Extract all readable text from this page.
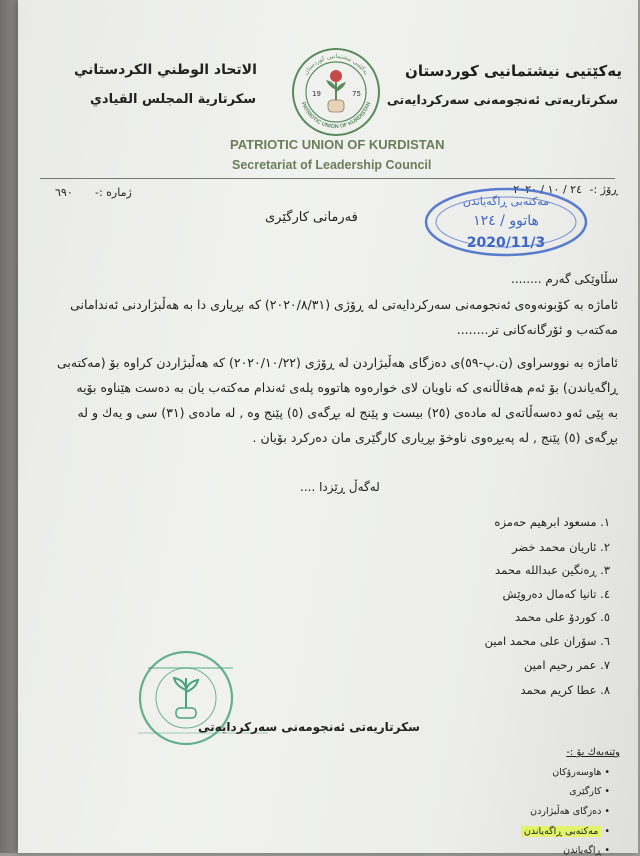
یەکێتیی نیشتمانیی کوردستان
سکرتاریەتی ئەنجومەنی سەرکردایەتی
الاتحاد الوطني الكردستاني
سكرتارية المجلس القيادي
یەکێتیی نیشتمانیی کوردستان
PATRIOTIC UNION OF KURDISTAN
19	75
PATRIOTIC UNION OF KURDISTAN
Secretariat of Leadership Council
ڕۆژ :-
٢٤ / ١٠ / ٢٠٢٠
ژمارە :-
٦٩٠
مەکتەبی ڕاگەیاندن
هاتوو / ١٢٤
2020/11/3
فەرمانی کارگێری
سڵاوێکی گەرم ........
ئاماژە بە کۆبونەوەی ئەنجومەنی سەرکردایەتی لە ڕۆژی (٢٠٢٠/٨/٣١) کە بڕیاری دا بە هەڵبژاردنی ئەندامانی
مەکتەب و ئۆرگانەکانی تر........
ئاماژە بە نووسراوی (ن.پ-٥٩)ی دەزگای هەڵبژاردن لە ڕۆژی (٢٠٢٠/١٠/٢٢) کە هەڵبژاردن کراوە بۆ (مەکتەبی
ڕاگەیاندن) بۆ ئەم هەڤاڵانەی کە ناویان لای خوارەوە هاتووە پلەی ئەندام مەکتەب یان بە دەست هێناوە بۆیە
بە پێی ئەو دەسەڵاتەی لە مادەی (٢٥) بیست و پێنج لە بڕگەی (٥) پێنج وە , لە مادەی (٣١) سی و یەك و لە
بڕگەی (٥) پێنج , لە پەیڕەوی ناوخۆ بڕیاری کارگێری مان دەرکرد بۆیان .
لەگەڵ ڕێزدا ....
١. مسعود ابرهيم حەمزە
٢. ئاريان محمد خضر
٣. ڕەنگين عبدالله محمد
٤. تانيا کەمال دەروێش
٥. کوردۆ علی محمد
٦. سۆران علی محمد امين
٧. عمر رحيم امين
٨. عطا کريم محمد
سکرتاریەتی ئەنجومەنی سەرکردایەتی
وێنەیەك بۆ :-
• هاوسەرۆکان
• کارگێری
• دەزگای هەڵبژاردن
• مەکتەبی ڕاگەیاندن
• ڕاگەیاندن
